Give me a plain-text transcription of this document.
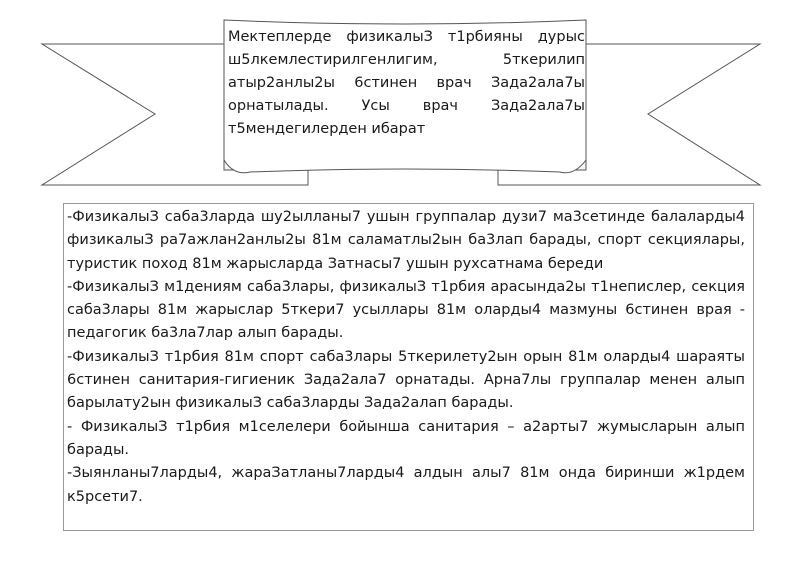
Мектеплерде физикалыЗ т1рбияны дурыс ш5лкемлестирилгенлигим, 5ткерилип атыр2анлы2ы 6стинен врач Зада2ала7ы орнатылады. Усы врач Зада2ала7ы т5мендегилерден ибарат

-ФизикалыЗ саба3ларда шу2ылланы7 ушын группалар дузи7 ма3сетинде балаларды4 физикалыЗ ра7ажлан2анлы2ы 81м саламатлы2ын ба3лап барады, спорт секциялары, туристик поход 81м жарысларда Затнасы7 ушын рухсатнама береди

-ФизикалыЗ м1дениям саба3лары, физикалыЗ т1рбия арасында2ы т1непислер, секция саба3лары 81м жарыслар 5ткери7 усыллары 81м оларды4 мазмуны 6стинен врая - педагогик ба3ла7лар алып барады.

-ФизикалыЗ т1рбия 81м спорт саба3лары 5ткерилету2ын орын 81м оларды4 шараяты 6стинен санитария-гигиеник Зада2ала7 орнатады. Арна7лы группалар менен алып барылату2ын физикалыЗ саба3ларды Зада2алап барады.

- ФизикалыЗ т1рбия м1селелери бойынша санитария – а2арты7 жумысларын алып барады.

-Зыянланы7ларды4, жараЗатланы7ларды4 алдын алы7 81м онда биринши ж1рдем к5рсети7.
